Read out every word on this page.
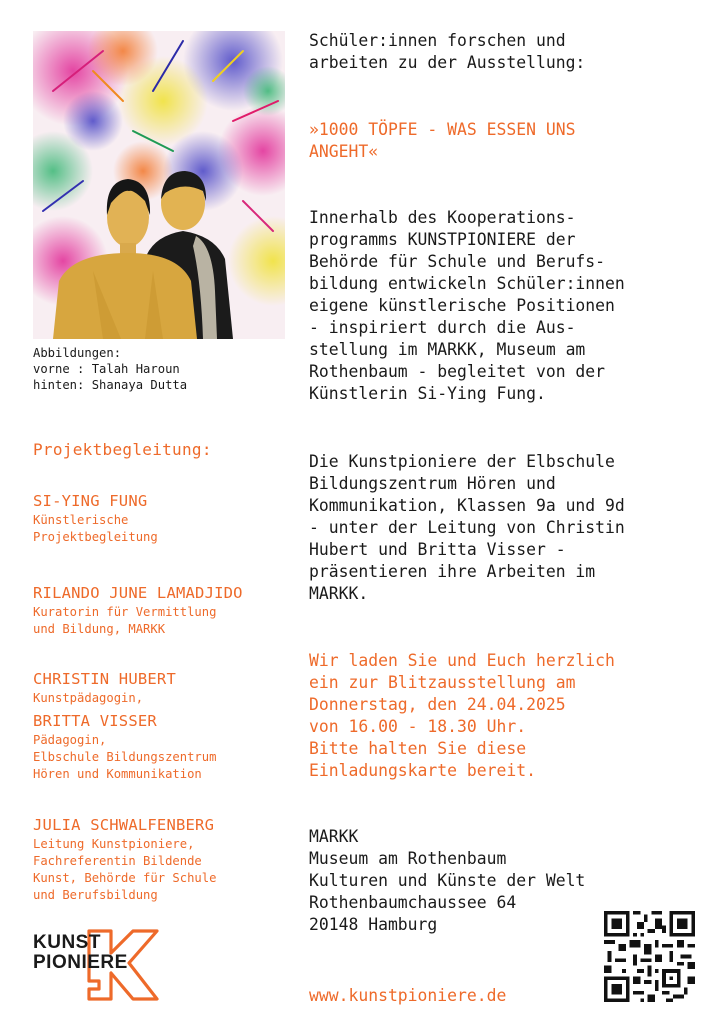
Abbildungen:
vorne : Talah Haroun
hinten: Shanaya Dutta
Projektbegleitung:
SI-YING FUNG
Künstlerische
Projektbegleitung
RILANDO JUNE LAMADJIDO
Kuratorin für Vermittlung
und Bildung, MARKK
CHRISTIN HUBERT
Kunstpädagogin,
BRITTA VISSER
Pädagogin,
Elbschule Bildungszentrum
Hören und Kommunikation
JULIA SCHWALFENBERG
Leitung Kunstpioniere,
Fachreferentin Bildende
Kunst, Behörde für Schule
und Berufsbildung
Schüler:innen forschen und
arbeiten zu der Ausstellung:
»1000 TÖPFE - WAS ESSEN UNS
ANGEHT«
Innerhalb des Kooperations-
programms KUNSTPIONIERE der
Behörde für Schule und Berufs-
bildung entwickeln Schüler:innen
eigene künstlerische Positionen
- inspiriert durch die Aus-
stellung im MARKK, Museum am
Rothenbaum - begleitet von der
Künstlerin Si-Ying Fung.
Die Kunstpioniere der Elbschule
Bildungszentrum Hören und
Kommunikation, Klassen 9a und 9d
- unter der Leitung von Christin
Hubert und Britta Visser -
präsentieren ihre Arbeiten im
MARKK.
Wir laden Sie und Euch herzlich
ein zur Blitzausstellung am
Donnerstag, den 24.04.2025
von 16.00 - 18.30 Uhr.
Bitte halten Sie diese
Einladungskarte bereit.
MARKK
Museum am Rothenbaum
Kulturen und Künste der Welt
Rothenbaumchaussee 64
20148 Hamburg
www.kunstpioniere.de
KUNST
PIONIERE
